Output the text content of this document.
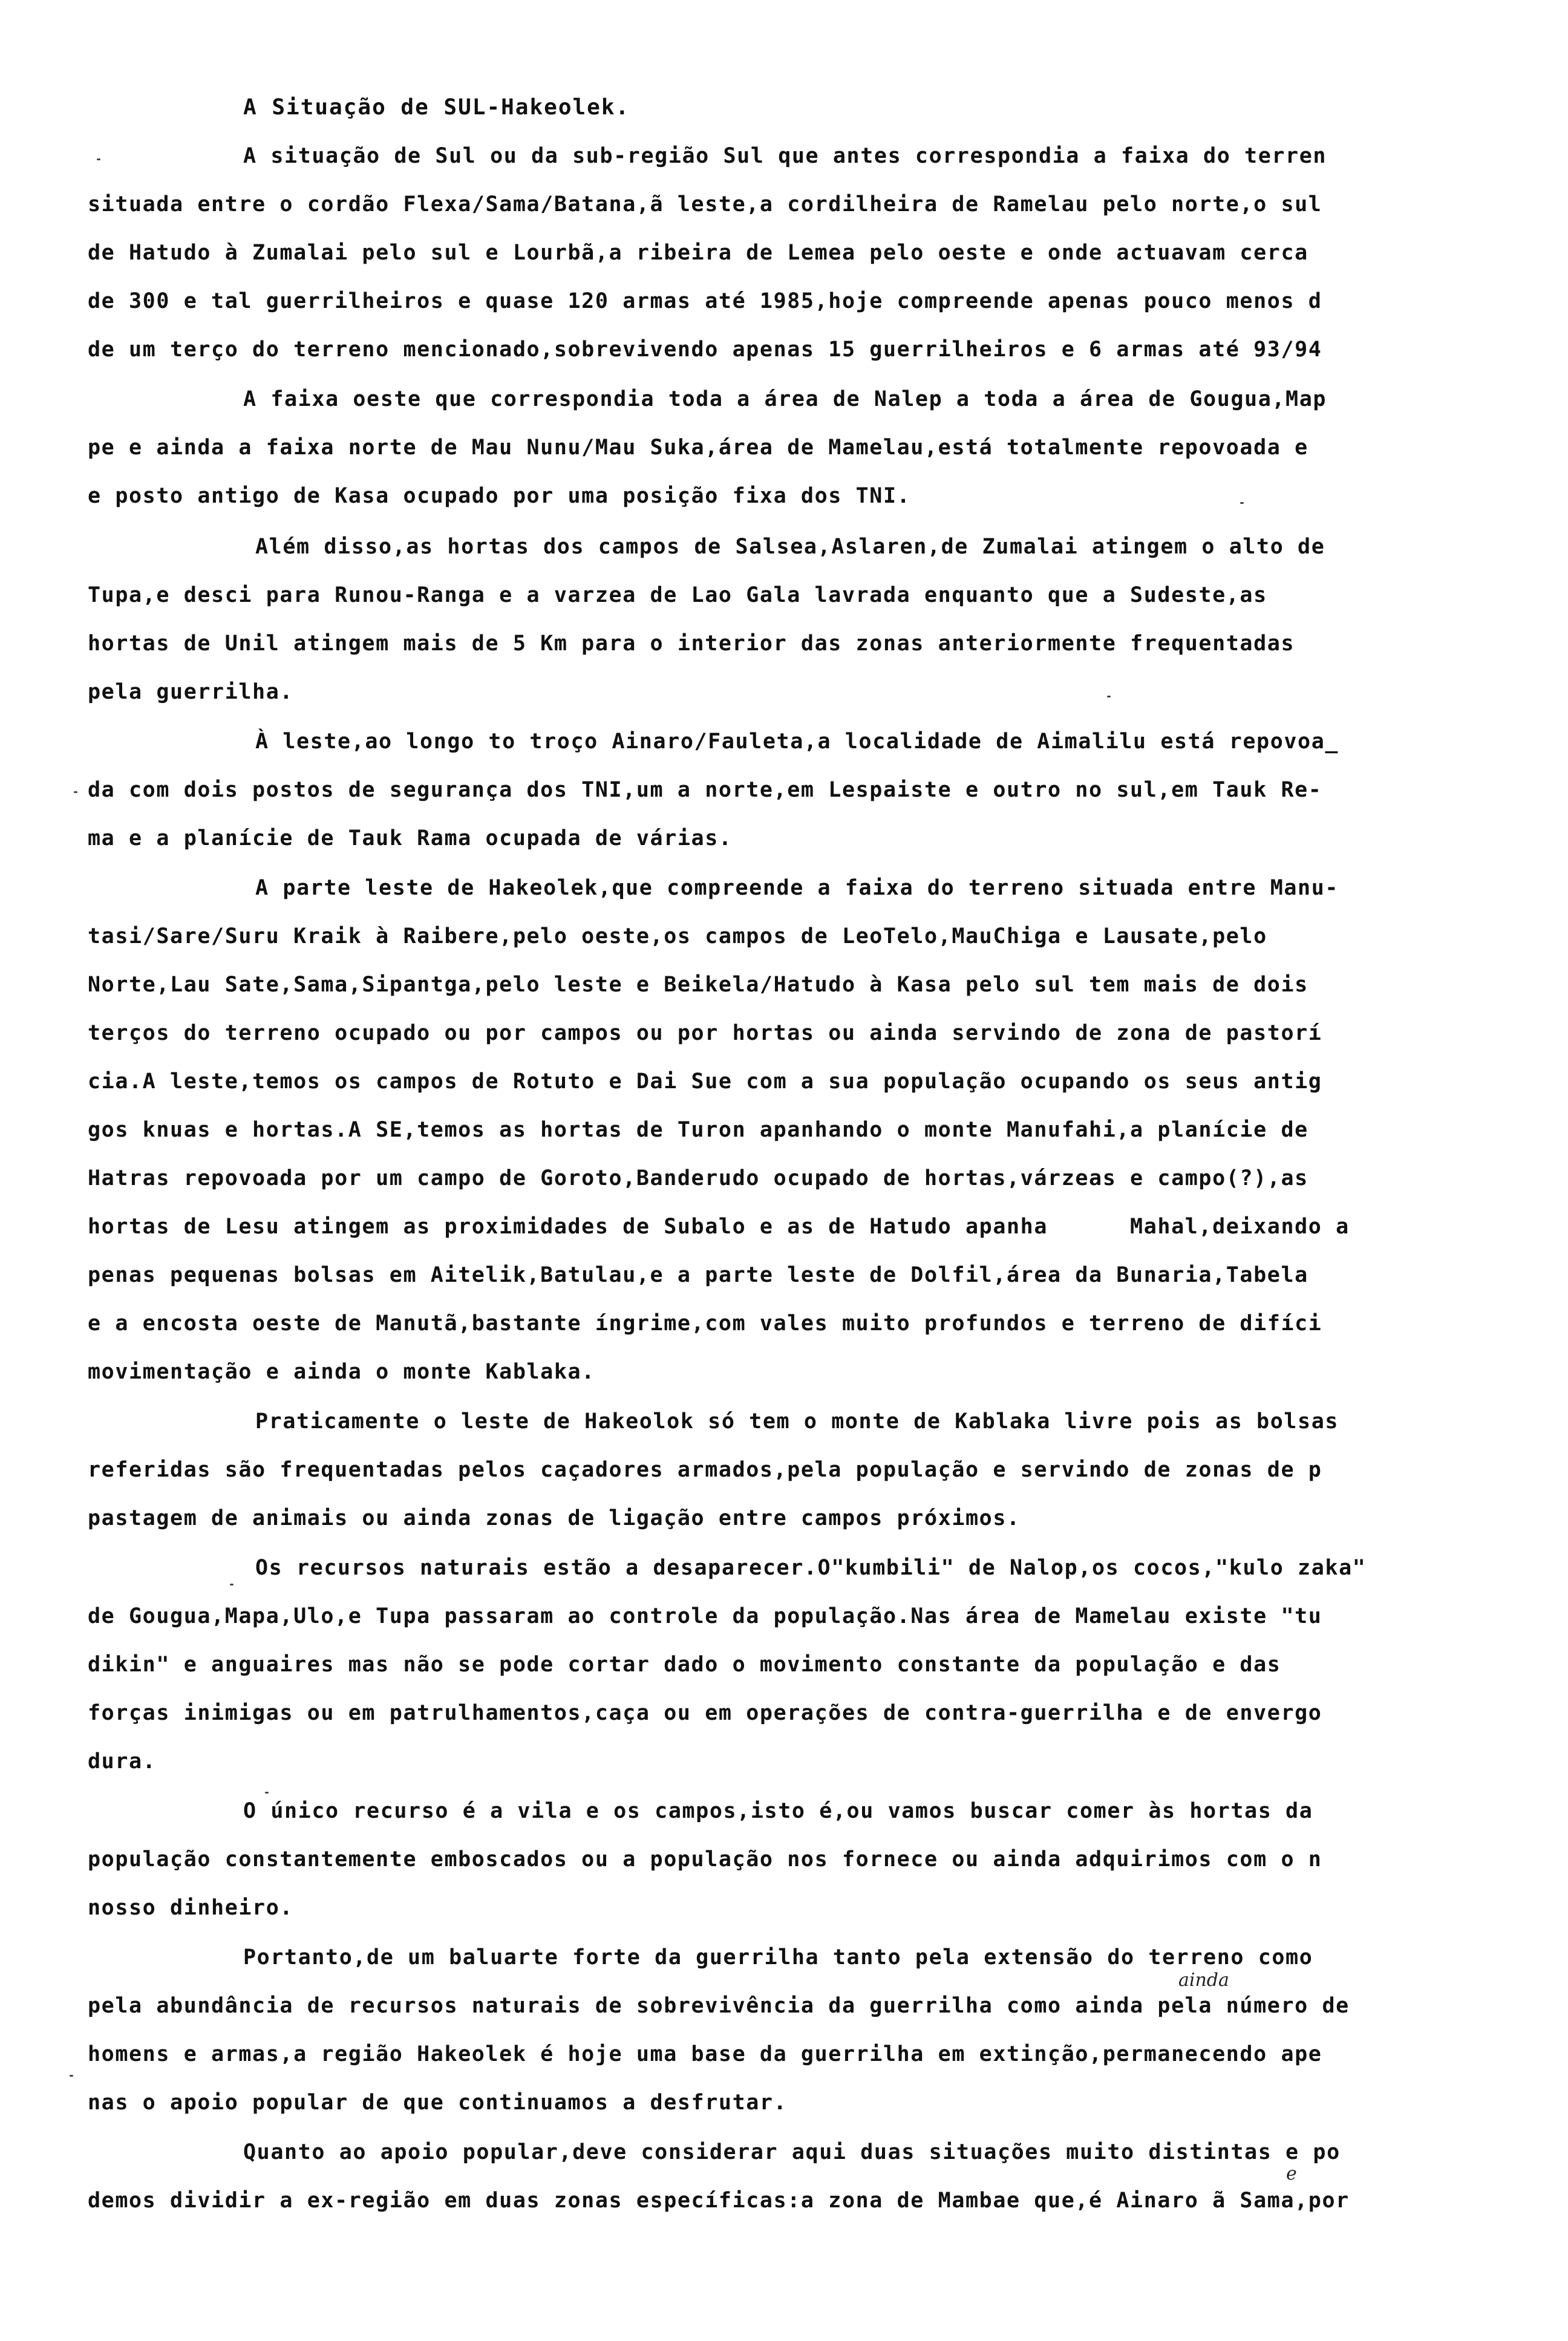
A Situação de SUL-Hakeolek.
A situação de Sul ou da sub-região Sul que antes correspondia a faixa do terren
situada entre o cordão Flexa/Sama/Batana,ã leste,a cordilheira de Ramelau pelo norte,o sul
de Hatudo à Zumalai pelo sul e Lourbã,a ribeira de Lemea pelo oeste e onde actuavam cerca
de 300 e tal guerrilheiros e quase 120 armas até 1985,hoje compreende apenas pouco menos d
de um terço do terreno mencionado,sobrevivendo apenas 15 guerrilheiros e 6 armas até 93/94
A faixa oeste que correspondia toda a área de Nalep a toda a área de Gougua,Map
pe e ainda a faixa norte de Mau Nunu/Mau Suka,área de Mamelau,está totalmente repovoada e
e posto antigo de Kasa ocupado por uma posição fixa dos TNI.
Além disso,as hortas dos campos de Salsea,Aslaren,de Zumalai atingem o alto de
Tupa,e desci para Runou-Ranga e a varzea de Lao Gala lavrada enquanto que a Sudeste,as
hortas de Unil atingem mais de 5 Km para o interior das zonas anteriormente frequentadas
pela guerrilha.
À leste,ao longo to troço Ainaro/Fauleta,a localidade de Aimalilu está repovoa_
da com dois postos de segurança dos TNI,um a norte,em Lespaiste e outro no sul,em Tauk Re-
ma e a planície de Tauk Rama ocupada de várias.
A parte leste de Hakeolek,que compreende a faixa do terreno situada entre Manu-
tasi/Sare/Suru Kraik à Raibere,pelo oeste,os campos de LeoTelo,MauChiga e Lausate,pelo
Norte,Lau Sate,Sama,Sipantga,pelo leste e Beikela/Hatudo à Kasa pelo sul tem mais de dois
terços do terreno ocupado ou por campos ou por hortas ou ainda servindo de zona de pastorí
cia.A leste,temos os campos de Rotuto e Dai Sue com a sua população ocupando os seus antig
gos knuas e hortas.A SE,temos as hortas de Turon apanhando o monte Manufahi,a planície de
Hatras repovoada por um campo de Goroto,Banderudo ocupado de hortas,várzeas e campo(?),as
hortas de Lesu atingem as proximidades de Subalo e as de Hatudo apanha      Mahal,deixando a
penas pequenas bolsas em Aitelik,Batulau,e a parte leste de Dolfil,área da Bunaria,Tabela
e a encosta oeste de Manutã,bastante íngrime,com vales muito profundos e terreno de difíci
movimentação e ainda o monte Kablaka.
Praticamente o leste de Hakeolok só tem o monte de Kablaka livre pois as bolsas
referidas são frequentadas pelos caçadores armados,pela população e servindo de zonas de p
pastagem de animais ou ainda zonas de ligação entre campos próximos.
Os recursos naturais estão a desaparecer.O"kumbili" de Nalop,os cocos,"kulo zaka"
de Gougua,Mapa,Ulo,e Tupa passaram ao controle da população.Nas área de Mamelau existe "tu
dikin" e anguaires mas não se pode cortar dado o movimento constante da população e das
forças inimigas ou em patrulhamentos,caça ou em operações de contra-guerrilha e de envergo
dura.
O único recurso é a vila e os campos,isto é,ou vamos buscar comer às hortas da
população constantemente emboscados ou a população nos fornece ou ainda adquirimos com o n
nosso dinheiro.
Portanto,de um baluarte forte da guerrilha tanto pela extensão do terreno como
pela abundância de recursos naturais de sobrevivência da guerrilha como ainda pela número de
homens e armas,a região Hakeolek é hoje uma base da guerrilha em extinção,permanecendo ape
nas o apoio popular de que continuamos a desfrutar.
Quanto ao apoio popular,deve considerar aqui duas situações muito distintas e po
demos dividir a ex-região em duas zonas específicas:a zona de Mambae que,é Ainaro ã Sama,por
ainda
e
